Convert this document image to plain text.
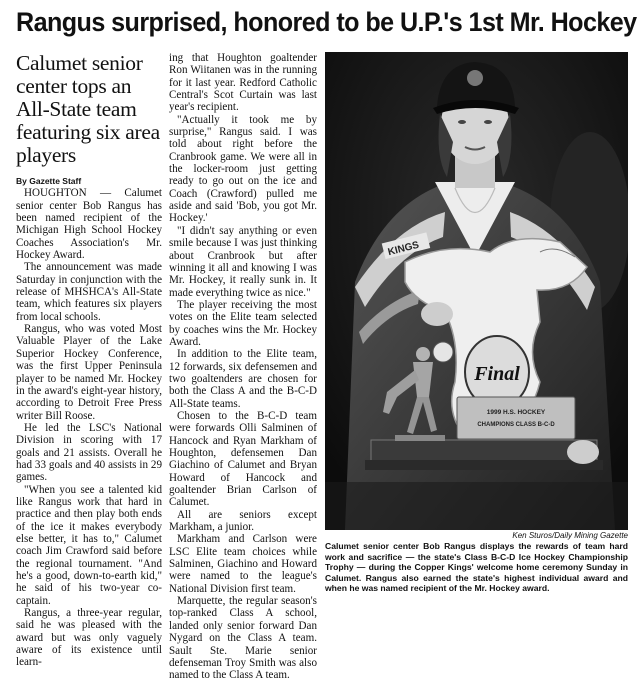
Rangus surprised, honored to be U.P.'s 1st Mr. Hockey
Calumet senior center tops an All-State team featuring six area players

By Gazette Staff

HOUGHTON — Calumet senior center Bob Rangus has been named recipient of the Michigan High School Hockey Coaches Association's Mr. Hockey Award.

The announcement was made Saturday in conjunction with the release of MHSHCA's All-State team, which features six players from local schools.

Rangus, who was voted Most Valuable Player of the Lake Superior Hockey Conference, was the first Upper Peninsula player to be named Mr. Hockey in the award's eight-year history, according to Detroit Free Press writer Bill Roose.

He led the LSC's National Division in scoring with 17 goals and 21 assists. Overall he had 33 goals and 40 assists in 29 games.

"When you see a talented kid like Rangus work that hard in practice and then play both ends of the ice it makes everybody else better, it has to," Calumet coach Jim Crawford said before the regional tournament. "And he's a good, down-to-earth kid," he said of his two-year co-captain.

Rangus, a three-year regular, said he was pleased with the award but was only vaguely aware of its existence until learn-

ing that Houghton goaltender Ron Wiitanen was in the running for it last year. Redford Catholic Central's Scot Curtain was last year's recipient.

"Actually it took me by surprise," Rangus said. I was told about right before the Cranbrook game. We were all in the locker-room just getting ready to go out on the ice and Coach (Crawford) pulled me aside and said 'Bob, you got Mr. Hockey.'

"I didn't say anything or even smile because I was just thinking about Cranbrook but after winning it all and knowing I was Mr. Hockey, it really sunk in. It made everything twice as nice."

The player receiving the most votes on the Elite team selected by coaches wins the Mr. Hockey Award.

In addition to the Elite team, 12 forwards, six defensemen and two goaltenders are chosen for both the Class A and the B-C-D All-State teams.

Chosen to the B-C-D team were forwards Olli Salminen of Hancock and Ryan Markham of Houghton, defensemen Dan Giachino of Calumet and Bryan Howard of Hancock and goaltender Brian Carlson of Calumet.

All are seniors except Markham, a junior.

Markham and Carlson were LSC Elite team choices while Salminen, Giachino and Howard were named to the league's National Division first team.

Marquette, the regular season's top-ranked Class A school, landed only senior forward Dan Nygard on the Class A team. Sault Ste. Marie senior defenseman Troy Smith was also named to the Class A team.

KINGS
Final
1999 H.S. HOCKEY
CHAMPIONS CLASS B-C-D
Ken Sturos/Daily Mining Gazette
Calumet senior center Bob Rangus displays the rewards of team hard work and sacrifice — the state's Class B-C-D Ice Hockey Championship Trophy — during the Copper Kings' welcome home ceremony Sunday in Calumet. Rangus also earned the state's highest individual award and when he was named recipient of the Mr. Hockey award.
